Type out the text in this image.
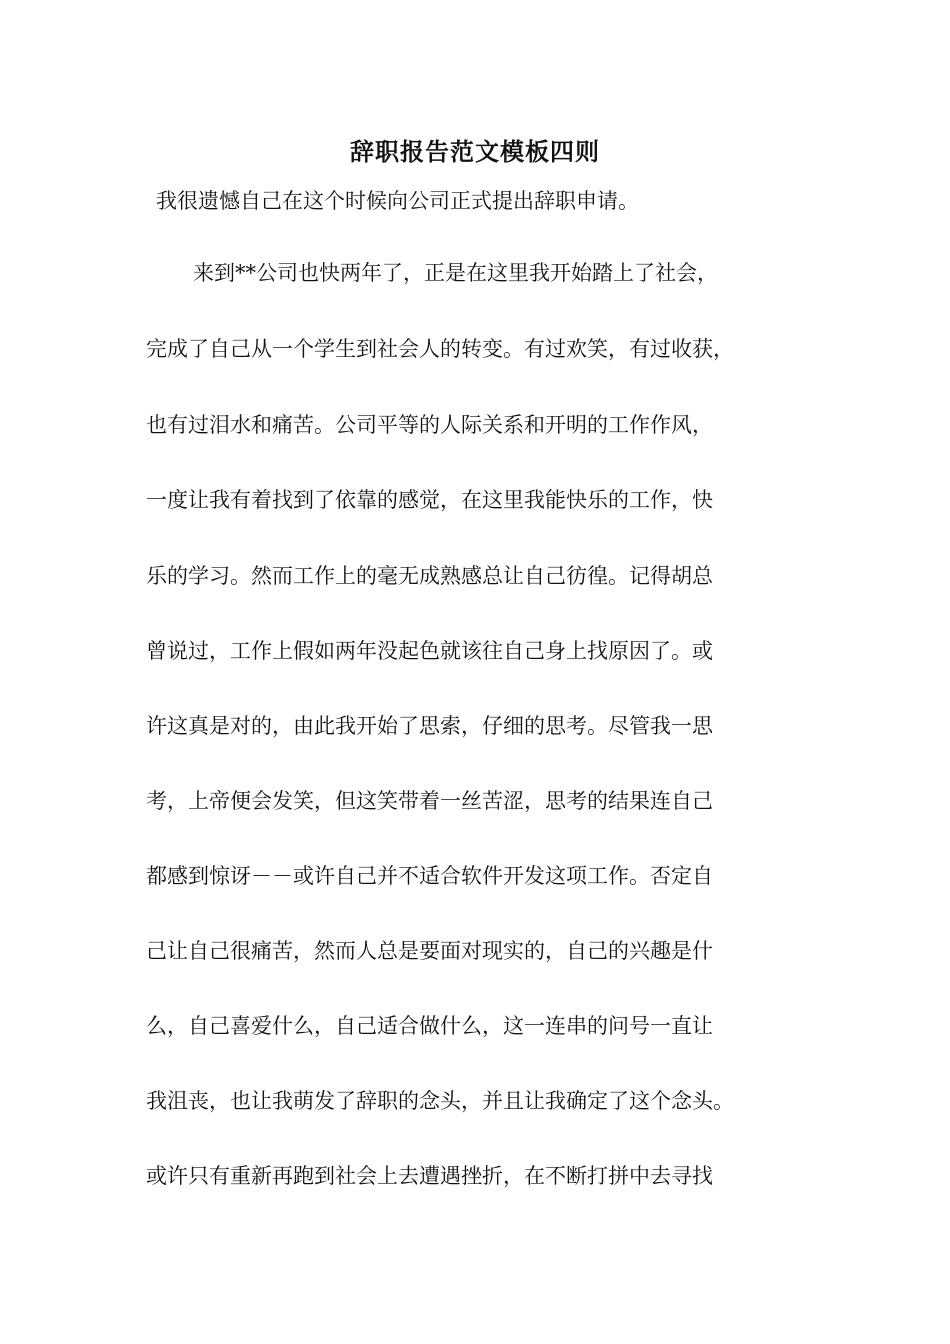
辞职报告范文模板四则

我很遗憾自己在这个时候向公司正式提出辞职申请。

来到**公司也快两年了，正是在这里我开始踏上了社会，

完成了自己从一个学生到社会人的转变。有过欢笑，有过收获，

也有过泪水和痛苦。公司平等的人际关系和开明的工作作风，

一度让我有着找到了依靠的感觉，在这里我能快乐的工作，快

乐的学习。然而工作上的毫无成熟感总让自己彷徨。记得胡总

曾说过，工作上假如两年没起色就该往自己身上找原因了。或

许这真是对的，由此我开始了思索，仔细的思考。尽管我一思

考，上帝便会发笑，但这笑带着一丝苦涩，思考的结果连自己

都感到惊讶－－或许自己并不适合软件开发这项工作。否定自

己让自己很痛苦，然而人总是要面对现实的，自己的兴趣是什

么，自己喜爱什么，自己适合做什么，这一连串的问号一直让

我沮丧，也让我萌发了辞职的念头，并且让我确定了这个念头。

或许只有重新再跑到社会上去遭遇挫折，在不断打拼中去寻找
